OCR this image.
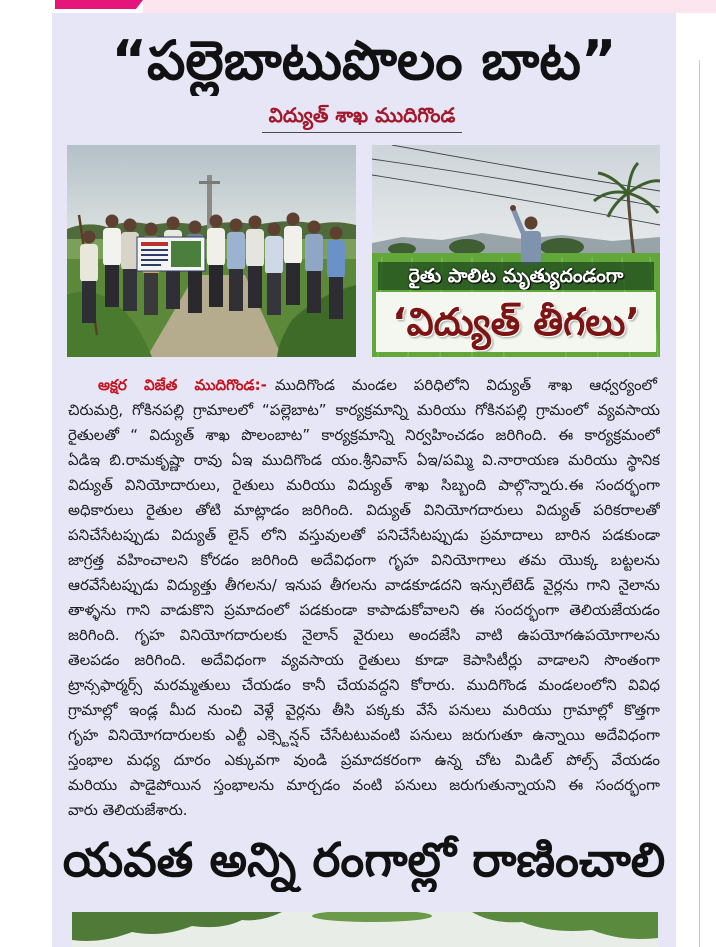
“పల్లెబాటుపొలం బాట”
విద్యుత్ శాఖ ముదిగొండ
రైతు పాలిట మృత్యుదండంగా
‘విద్యుత్ తీగలు’
అక్షర విజేత ముదిగొండ:- ముదిగొండ మండల పరిధిలోని విద్యుత్ శాఖ ఆధ్వర్యంలో
చిరుమర్రి, గోకినపల్లి గ్రామాలలో “పల్లెబాట” కార్యక్రమాన్ని మరియు గోకినపల్లి గ్రామంలో వ్యవసాయ
రైతులతో “ విద్యుత్ శాఖ పొలంబాట” కార్యక్రమాన్ని నిర్వహించడం జరిగింది. ఈ కార్యక్రమంలో
ఏడిఇ బి.రామకృష్ణా రావు ఏఇ ముదిగొండ యం.శ్రీనివాస్ ఏఇ/పమ్మి వి.నారాయణ మరియు స్థానిక
విద్యుత్ వినియోదారులు, రైతులు మరియు విద్యుత్ శాఖ సిబ్బంది పాల్గొన్నారు.ఈ సందర్భంగా
అధికారులు రైతుల తోటి మాట్లాడం జరిగింది. విద్యుత్ వినియోగదారులు విద్యుత్ పరికరాలతో
పనిచేసేటప్పుడు విద్యుత్ లైన్ లోని వస్తువులతో పనిచేసేటప్పుడు ప్రమాదాలు బారిన పడకుండా
జాగ్రత్త వహించాలని కోరడం జరిగింది అదేవిధంగా గృహ వినియోగాలు తమ యొక్క బట్టలను
ఆరవేసేటప్పుడు విద్యుత్తు తీగలను/ ఇనుప తీగలను వాడకూడదని ఇన్సులేటెడ్ వైర్లను గాని నైలాను
తాళ్ళను గాని వాడుకొని ప్రమాదంలో పడకుండా కాపాడుకోవాలని ఈ సందర్భంగా తెలియజేయడం
జరిగింది. గృహ వినియోగదారులకు నైలాన్ వైరులు అందజేసి వాటి ఉపయోగఉపయోగాలను
తెలపడం జరిగింది. అదేవిధంగా వ్యవసాయ రైతులు కూడా కెపాసిటీర్లు వాడాలని సొంతంగా
ట్రాన్సఫార్మర్స్ మరమ్మతులు చేయడం కానీ చేయవద్దని కోరారు. ముదిగొండ మండలంలోని వివిధ
గ్రామాల్లో ఇండ్ల మీద నుంచి వెళ్లే వైర్లను తీసి పక్కకు వేసే పనులు మరియు గ్రామాల్లో కొత్తగా
గృహ వినియోగదారులకు ఎల్టీ ఎక్స్టెన్షన్ చేసేటటువంటి పనులు జరుగుతూ ఉన్నాయి అదేవిధంగా
స్తంభాల మధ్య దూరం ఎక్కువగా వుండి ప్రమాదకరంగా ఉన్న చోట మిడిల్ పోల్స్ వేయడం
మరియు పాడైపోయిన స్తంభాలను మార్చడం వంటి పనులు జరుగుతున్నాయని ఈ సందర్భంగా
వారు తెలియజేశారు.
యవత అన్ని రంగాల్లో రాణించాలి
